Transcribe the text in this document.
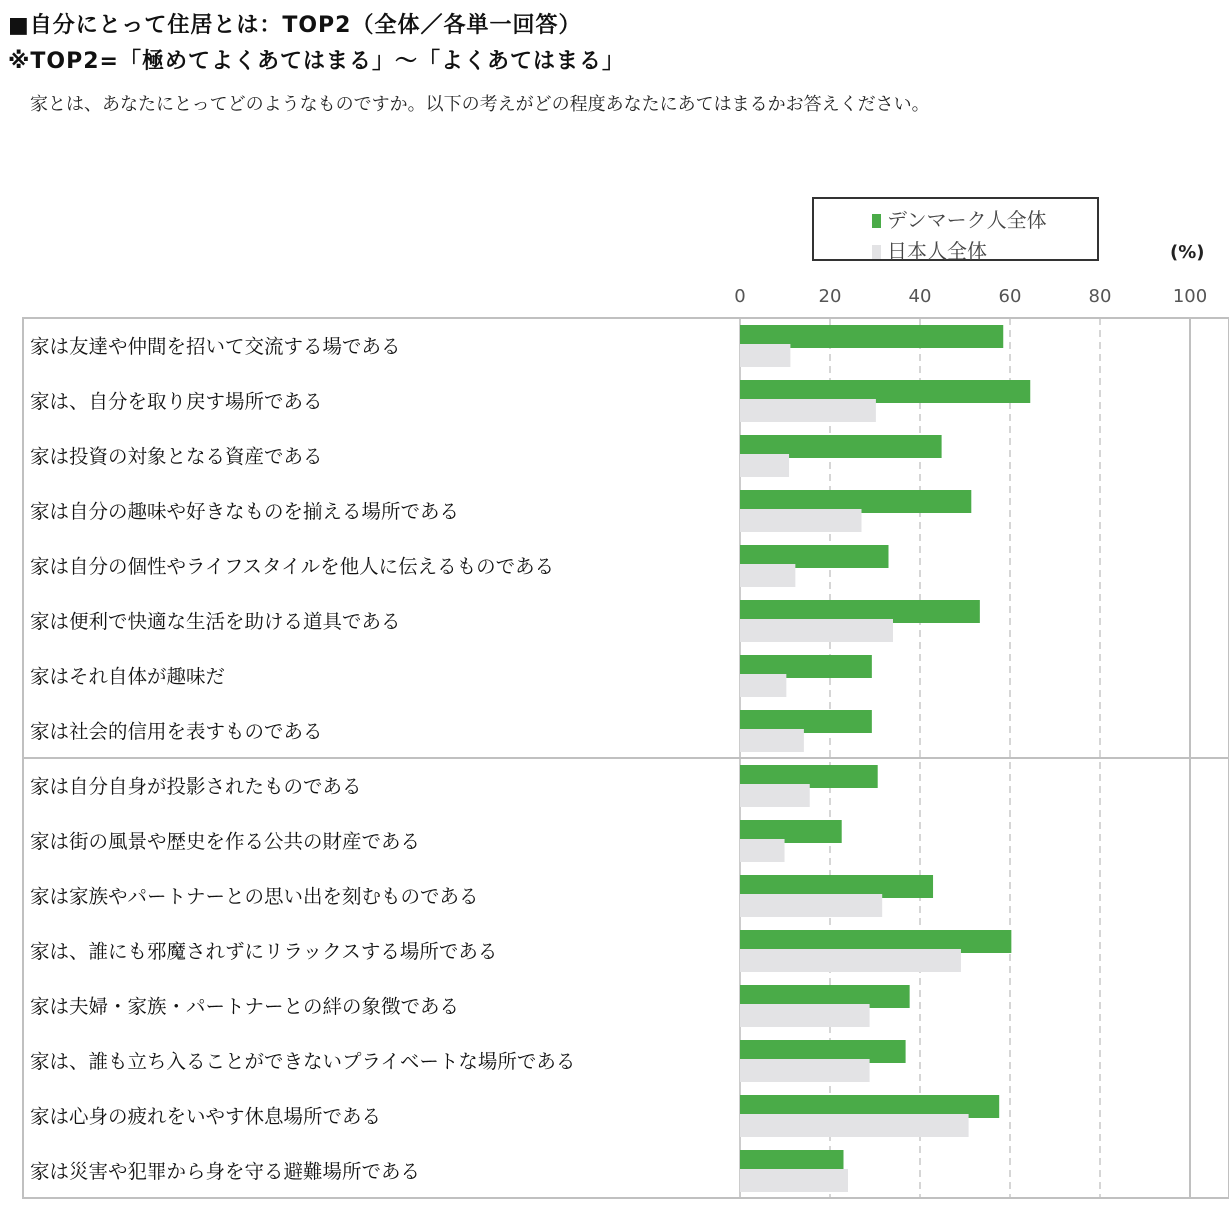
■自分にとって住居とは：TOP2（全体／各単一回答）
※TOP2=「極めてよくあてはまる」〜「よくあてはまる」
家とは、あなたにとってどのようなものですか。以下の考えがどの程度あなたにあてはまるかお答えください。
デンマーク人全体
日本人全体	(%)
0	20	40	60	80	100
家は友達や仲間を招いて交流する場である
家は、自分を取り戻す場所である
家は投資の対象となる資産である
家は自分の趣味や好きなものを揃える場所である
家は自分の個性やライフスタイルを他人に伝えるものである
家は便利で快適な生活を助ける道具である
家はそれ自体が趣味だ
家は社会的信用を表すものである
家は自分自身が投影されたものである
家は街の風景や歴史を作る公共の財産である
家は家族やパートナーとの思い出を刻むものである
家は、誰にも邪魔されずにリラックスする場所である
家は夫婦・家族・パートナーとの絆の象徴である
家は、誰も立ち入ることができないプライベートな場所である
家は心身の疲れをいやす休息場所である
家は災害や犯罪から身を守る避難場所である
